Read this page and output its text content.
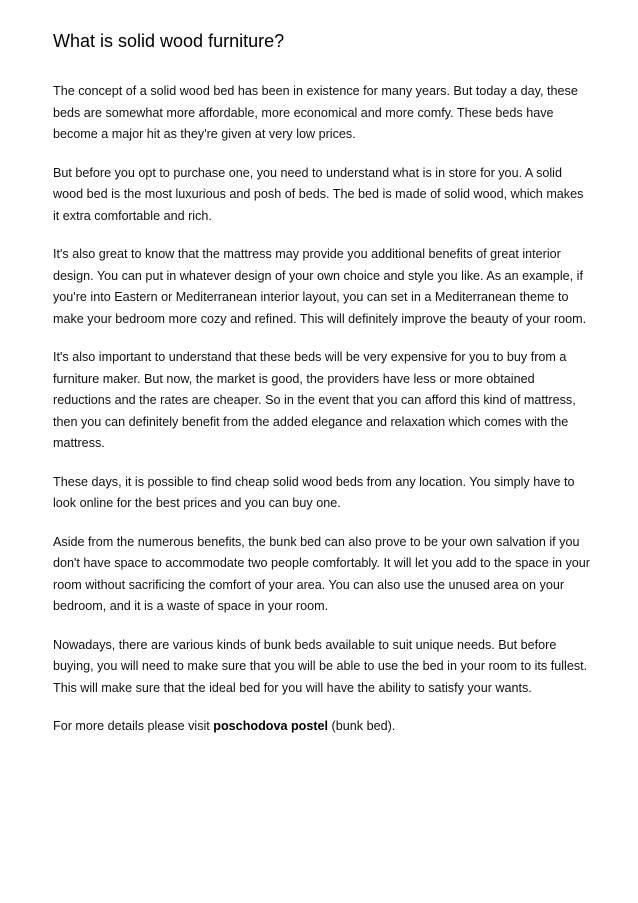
What is solid wood furniture?

The concept of a solid wood bed has been in existence for many years. But today a day, these beds are somewhat more affordable, more economical and more comfy. These beds have become a major hit as they're given at very low prices.

But before you opt to purchase one, you need to understand what is in store for you. A solid wood bed is the most luxurious and posh of beds. The bed is made of solid wood, which makes it extra comfortable and rich.

It's also great to know that the mattress may provide you additional benefits of great interior design. You can put in whatever design of your own choice and style you like. As an example, if you're into Eastern or Mediterranean interior layout, you can set in a Mediterranean theme to make your bedroom more cozy and refined. This will definitely improve the beauty of your room.

It's also important to understand that these beds will be very expensive for you to buy from a furniture maker. But now, the market is good, the providers have less or more obtained reductions and the rates are cheaper. So in the event that you can afford this kind of mattress, then you can definitely benefit from the added elegance and relaxation which comes with the mattress.

These days, it is possible to find cheap solid wood beds from any location. You simply have to look online for the best prices and you can buy one.

Aside from the numerous benefits, the bunk bed can also prove to be your own salvation if you don't have space to accommodate two people comfortably. It will let you add to the space in your room without sacrificing the comfort of your area. You can also use the unused area on your bedroom, and it is a waste of space in your room.

Nowadays, there are various kinds of bunk beds available to suit unique needs. But before buying, you will need to make sure that you will be able to use the bed in your room to its fullest. This will make sure that the ideal bed for you will have the ability to satisfy your wants.

For more details please visit poschodova postel (bunk bed).
